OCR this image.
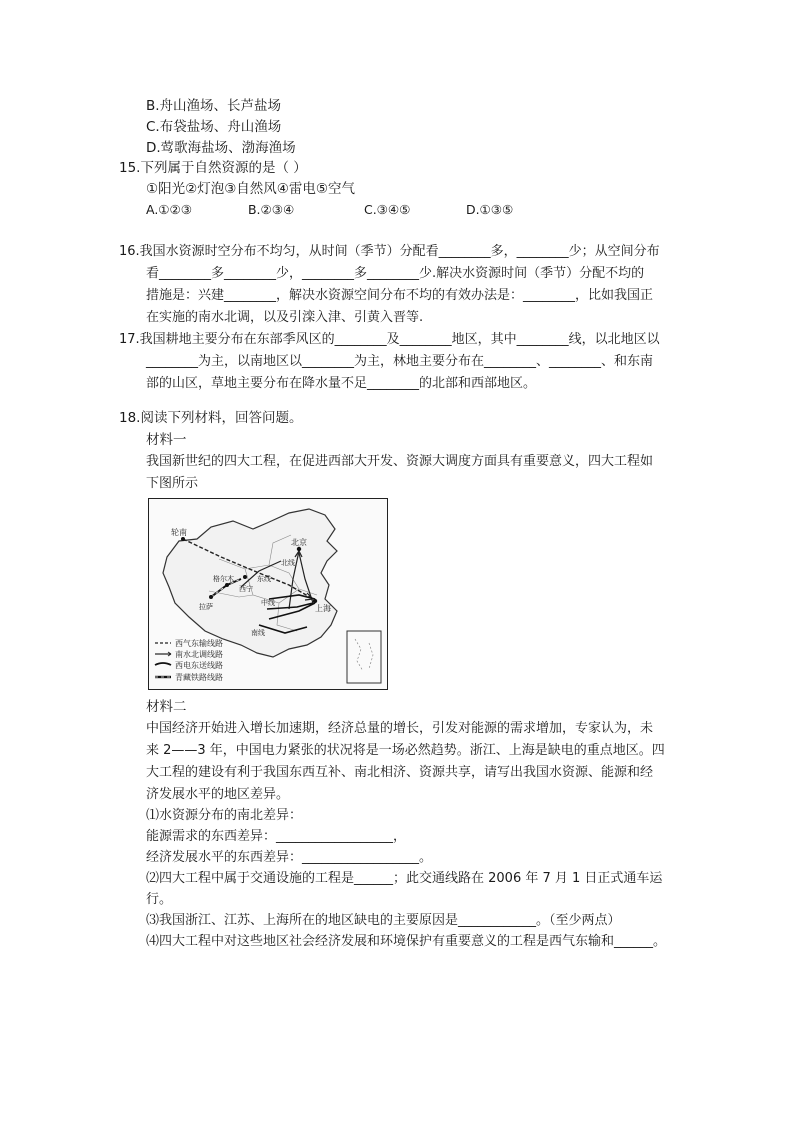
B.舟山渔场、长芦盐场
C.布袋盐场、舟山渔场
D.莺歌海盐场、渤海渔场
15.下列属于自然资源的是（ ）
①阳光②灯泡③自然风④雷电⑤空气
A.①②③	B.②③④	C.③④⑤	D.①③⑤
16.我国水资源时空分布不均匀，从时间（季节）分配看________多，________少；从空间分布
看________多________少，________多________少.解决水资源时间（季节）分配不均的
措施是：兴建________，解决水资源空间分布不均的有效办法是：________，比如我国正
在实施的南水北调，以及引滦入津、引黄入晋等.
17.我国耕地主要分布在东部季风区的________及________地区，其中________线，以北地区以
________为主，以南地区以________为主，林地主要分布在________、________、和东南
部的山区，草地主要分布在降水量不足________的北部和西部地区。
18.阅读下列材料，回答问题。
材料一
我国新世纪的四大工程，在促进西部大开发、资源大调度方面具有重要意义，四大工程如
下图所示
轮南
北京
格尔木
西宁
拉萨	上海
北线
中线
东线
南线
西气东输线路
南水北调线路
西电东送线路
青藏铁路线路
材料二
中国经济开始进入增长加速期，经济总量的增长，引发对能源的需求增加，专家认为，未
来 2——3 年，中国电力紧张的状况将是一场必然趋势。浙江、上海是缺电的重点地区。四
大工程的建设有利于我国东西互补、南北相济、资源共享，请写出我国水资源、能源和经
济发展水平的地区差异。
⑴水资源分布的南北差异：
能源需求的东西差异：__________________，
经济发展水平的东西差异：__________________。
⑵四大工程中属于交通设施的工程是______；此交通线路在 2006 年 7 月 1 日正式通车运
行。
⑶我国浙江、江苏、上海所在的地区缺电的主要原因是____________。（至少两点）
⑷四大工程中对这些地区社会经济发展和环境保护有重要意义的工程是西气东输和______。
